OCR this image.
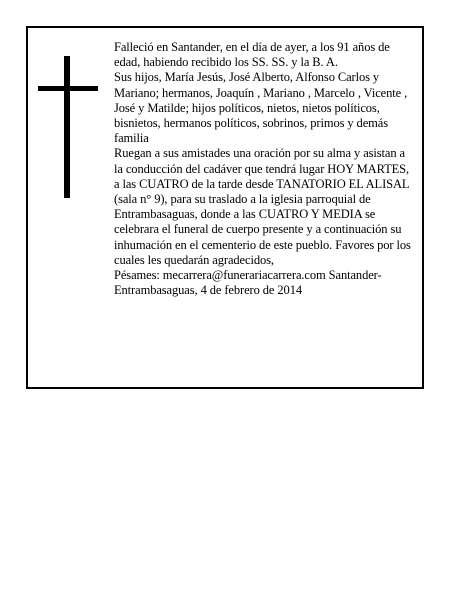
Falleció en Santander, en el día de ayer, a los 91 años de edad, habiendo recibido los SS. SS. y la B. A.

Sus hijos, María Jesús, José Alberto, Alfonso Carlos y Mariano; hermanos, Joaquín , Mariano , Marcelo , Vicente , José y Matilde; hijos políticos, nietos, nietos políticos, bisnietos, hermanos políticos, sobrinos, primos y demás familia

Ruegan a sus amistades una oración por su alma y asistan a la conducción del cadáver que tendrá lugar HOY MARTES, a las CUATRO de la tarde desde TANATORIO EL ALISAL (sala n° 9), para su traslado a la iglesia parroquial de Entrambasaguas, donde a las CUATRO Y MEDIA se celebrara el funeral de cuerpo presente y a continuación su inhumación en el cementerio de este pueblo. Favores por los cuales les quedarán agradecidos,

Pésames: mecarrera@funerariacarrera.com Santander-Entrambasaguas, 4 de febrero de 2014
